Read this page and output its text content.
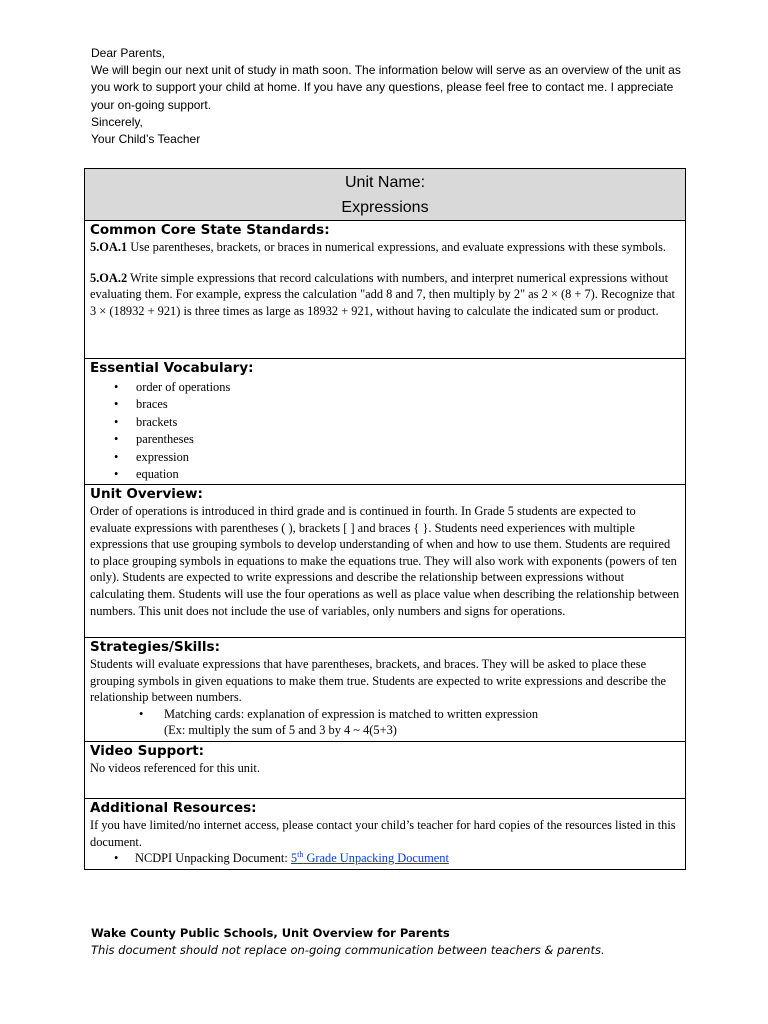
Dear Parents,

We will begin our next unit of study in math soon. The information below will serve as an overview of the unit as you work to support your child at home. If you have any questions, please feel free to contact me. I appreciate your on-going support.

Sincerely,

Your Child’s Teacher

Unit Name:
Expressions

Common Core State Standards:

5.OA.1 Use parentheses, brackets, or braces in numerical expressions, and evaluate expressions with these symbols.

5.OA.2 Write simple expressions that record calculations with numbers, and interpret numerical expressions without evaluating them. For example, express the calculation "add 8 and 7, then multiply by 2" as 2 × (8 + 7). Recognize that 3 × (18932 + 921) is three times as large as 18932 + 921, without having to calculate the indicated sum or product.

Essential Vocabulary:
• order of operations
• braces
• brackets
• parentheses
• expression
• equation

Unit Overview:

Order of operations is introduced in third grade and is continued in fourth. In Grade 5 students are expected to evaluate expressions with parentheses ( ), brackets [ ] and braces { }. Students need experiences with multiple expressions that use grouping symbols to develop understanding of when and how to use them. Students are required to place grouping symbols in equations to make the equations true. They will also work with exponents (powers of ten only). Students are expected to write expressions and describe the relationship between expressions without calculating them. Students will use the four operations as well as place value when describing the relationship between numbers. This unit does not include the use of variables, only numbers and signs for operations.

Strategies/Skills:

Students will evaluate expressions that have parentheses, brackets, and braces. They will be asked to place these grouping symbols in given equations to make them true. Students are expected to write expressions and describe the relationship between numbers.

• Matching cards: explanation of expression is matched to written expression
(Ex: multiply the sum of 5 and 3 by 4 ~ 4(5+3)

Video Support:

No videos referenced for this unit.

Additional Resources:

If you have limited/no internet access, please contact your child’s teacher for hard copies of the resources listed in this document.

• NCDPI Unpacking Document: 5th Grade Unpacking Document
Wake County Public Schools, Unit Overview for Parents
This document should not replace on-going communication between teachers & parents.
